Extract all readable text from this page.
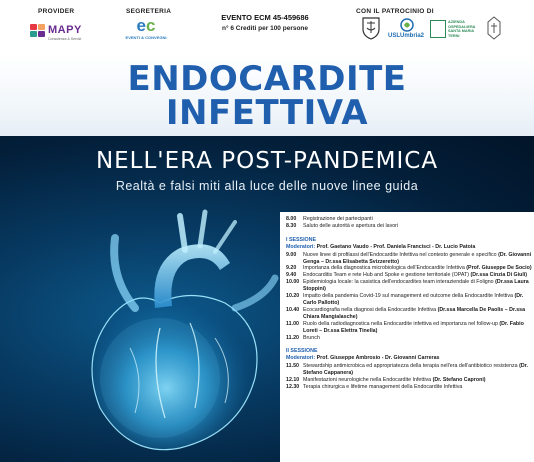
PROVIDER	SEGRETERIA	CON IL PATROCINIO DI
EVENTO ECM 45-459686
n° 6 Crediti per 100 persone
MAPY
Consulenza & Servizi
ec
EVENTI & CONVEGNI	USLUmbria2
AZIENDA
OSPEDALIERA
SANTA MARIA
TERNI
ENDOCARDITE
INFETTIVA
NELL'ERA POST-PANDEMICA
Realtà e falsi miti alla luce delle nuove linee guida
8.00	Registrazione dei partecipanti
8.30	Saluto delle autorità e apertura dei lavori
I SESSIONE
Moderatori: Prof. Gaetano Vaudo - Prof. Daniela Francisci - Dr. Lucio Patoia
9.00	Nuove linee di profilassi dell'Endocardite Infettiva nel contesto generale e specifico (Dr. Giovanni Genga – Dr.ssa Elisabetta Svizzeretto)
9.20	Importanza della diagnostica microbiologica dell'Endocardite Infettiva (Prof. Giuseppe De Socio)
9.40	Endocarditis Team e rete Hub and Spoke e gestione territoriale (OPAT) (Dr.ssa Cinzia Di Giuli)
10.00 Epidemiologia locale: la casistica dell'endocardites team interaziendale di Foligno (Dr.ssa Laura Stoppini)
10.20 Impatto della pandemia Covid-19 sul management ed outcome della Endocardite Infettiva (Dr. Carlo Pallotto)
10.40 Ecocardiografia nella diagnosi della Endocardite Infettiva (Dr.ssa Marcella De Paolis – Dr.ssa Chiara Mangialasche)
11.00 Ruolo della radiodiagnostica nella Endocardite infettiva ed importanza nel follow-up (Dr. Fabio Loreti – Dr.ssa Elettra Tinella)
11.20 Brunch
II SESSIONE
Moderatori: Prof. Giuseppe Ambrosio - Dr. Giovanni Carreras
11.50 Stewardship antimicrobica ed appropriatezza della terapia nell'era dell'antibiotico resistenza (Dr. Stefano Cappanera)
12.10 Manifestazioni neurologiche nella Endocardite Infettiva (Dr. Stefano Caproni)
12.30 Terapia chirurgica e lifetime management della Endocardite Infettiva
